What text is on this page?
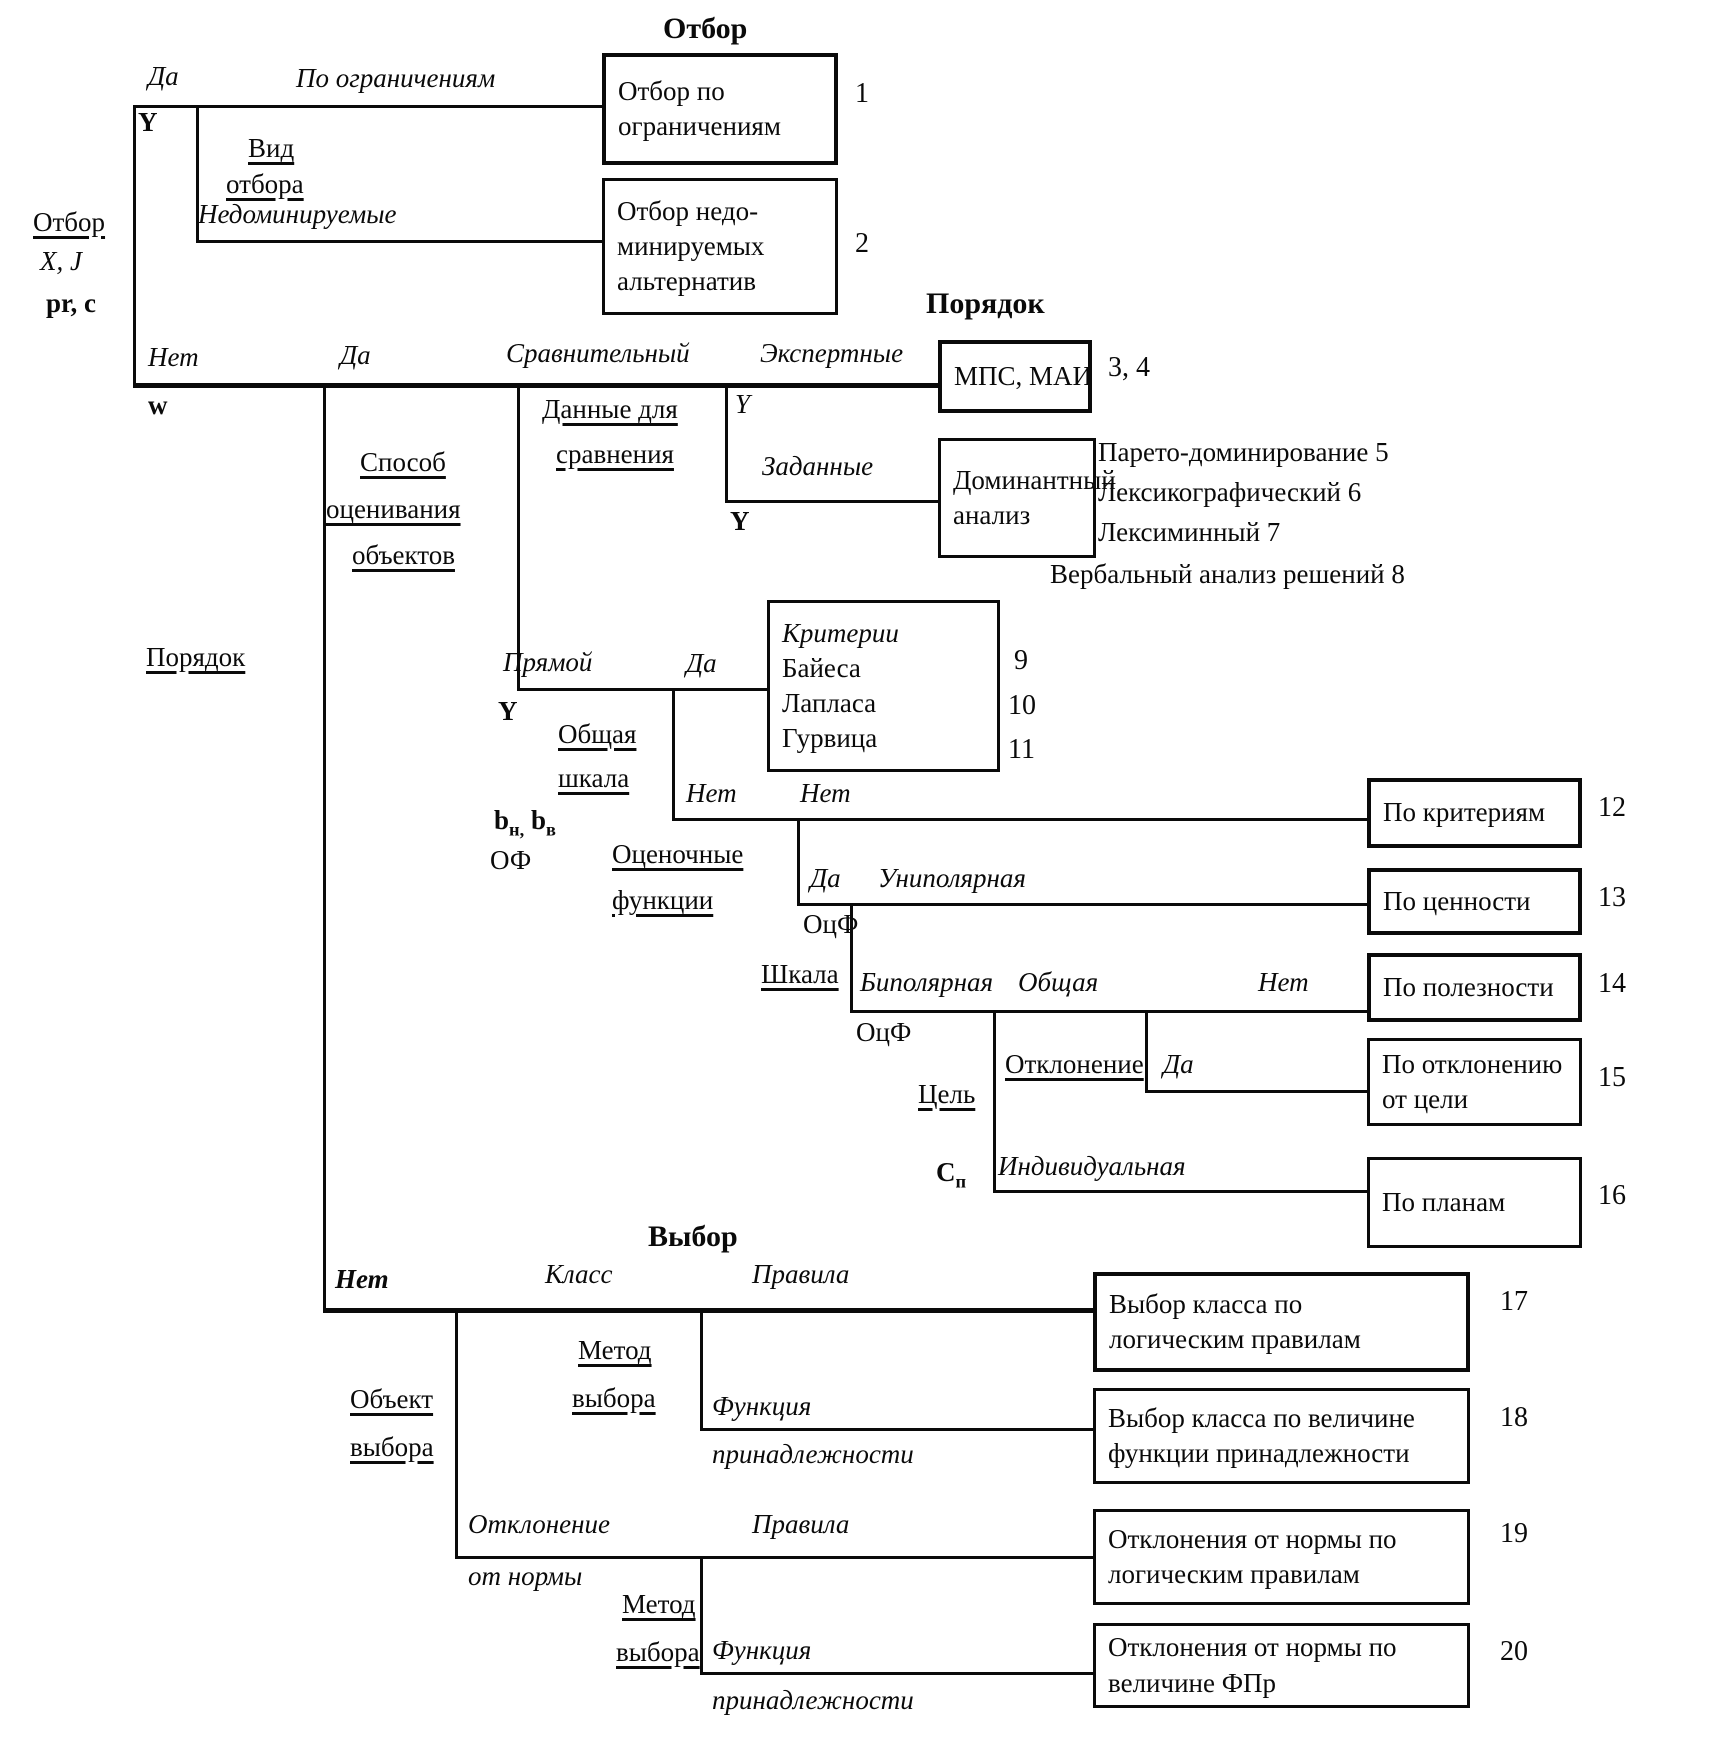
Отбор
Порядок
Выбор
Отбор
X, J
pr, c
Да
Y
По ограничениям
Вид
отбора
Недоминируемые
Нет
w
Да	Сравнительный	Экспертные
Y
Данные для
сравнения	Заданные
Y
Способ
оценивания
объектов
Порядок	Прямой	Да
Y
Общая
шкала Нет Нет
$b_{н,}$ $b_в$
ОФ	Оценочные
функции
Да Униполярная
ОцФ
Шкала Биполярная Общая	Нет
ОцФ
Отклонение
Цель
Да
$С_п$
Индивидуальная
Нет	Класс	Правила
Метод
выбора Функция
принадлежности
Объект
выбора
Отклонение
от нормы
Правила
Метод
выбора Функция
принадлежности
Отбор по
ограничениям
Отбор недо-
минируемых
альтернатив
МПС, МАИ
Доминантный
анализ
Критерии
Байеса
Лапласа
Гурвица
По критериям
По ценности
По полезности
По отклонению
от цели
По планам
Выбор класса по
логическим правилам
Выбор класса по величине
функции принадлежности
Отклонения от нормы по
логическим правилам
Отклонения от нормы по
величине ФПр
Парето-доминирование 5
Лексикографический 6
Лексиминный 7
Вербальный анализ решений 8
1
2
3, 4
9
10
11
12
13
14
15
16
17
18
19
20
